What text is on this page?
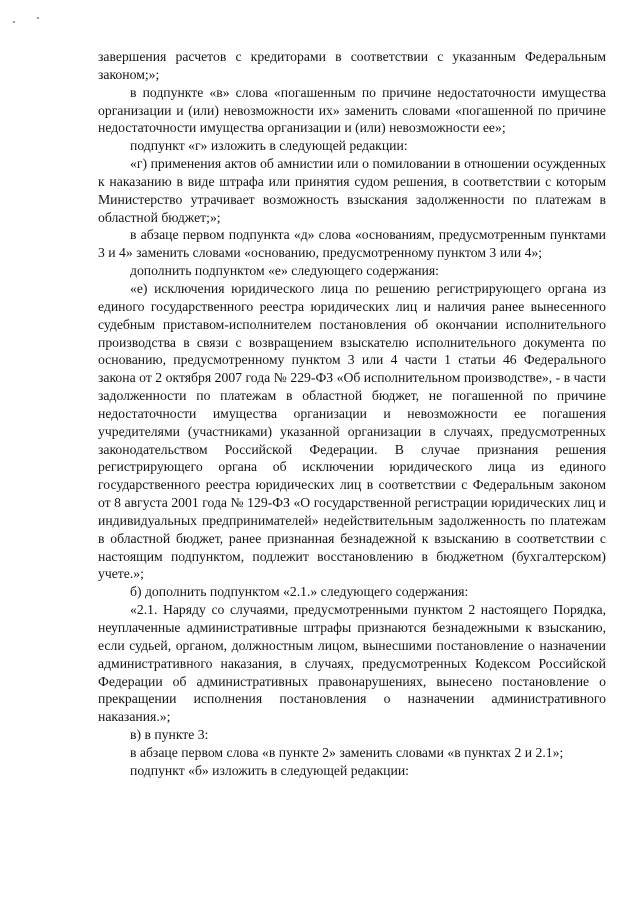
завершения расчетов с кредиторами в соответствии с указанным Федеральным законом;»;

в подпункте «в» слова «погашенным по причине недостаточности имущества организации и (или) невозможности их» заменить словами «погашенной по причине недостаточности имущества организации и (или) невозможности ее»;

подпункт «г» изложить в следующей редакции:

«г) применения актов об амнистии или о помиловании в отношении осужденных к наказанию в виде штрафа или принятия судом решения, в соответствии с которым Министерство утрачивает возможность взыскания задолженности по платежам в областной бюджет;»;

в абзаце первом подпункта «д» слова «основаниям, предусмотренным пунктами 3 и 4» заменить словами «основанию, предусмотренному пунктом 3 или 4»;

дополнить подпунктом «е» следующего содержания:

«е) исключения юридического лица по решению регистрирующего органа из единого государственного реестра юридических лиц и наличия ранее вынесенного судебным приставом-исполнителем постановления об окончании исполнительного производства в связи с возвращением взыскателю исполнительного документа по основанию, предусмотренному пунктом 3 или 4 части 1 статьи 46 Федерального закона от 2 октября 2007 года № 229-ФЗ «Об исполнительном производстве», - в части задолженности по платежам в областной бюджет, не погашенной по причине недостаточности имущества организации и невозможности ее погашения учредителями (участниками) указанной организации в случаях, предусмотренных законодательством Российской Федерации. В случае признания решения регистрирующего органа об исключении юридического лица из единого государственного реестра юридических лиц в соответствии с Федеральным законом от 8 августа 2001 года № 129-ФЗ «О государственной регистрации юридических лиц и индивидуальных предпринимателей» недействительным задолженность по платежам в областной бюджет, ранее признанная безнадежной к взысканию в соответствии с настоящим подпунктом, подлежит восстановлению в бюджетном (бухгалтерском) учете.»;

б) дополнить подпунктом «2.1.» следующего содержания:

«2.1. Наряду со случаями, предусмотренными пунктом 2 настоящего Порядка, неуплаченные административные штрафы признаются безнадежными к взысканию, если судьей, органом, должностным лицом, вынесшими постановление о назначении административного наказания, в случаях, предусмотренных Кодексом Российской Федерации об административных правонарушениях, вынесено постановление о прекращении исполнения постановления о назначении административного наказания.»;

в) в пункте 3:

в абзаце первом слова «в пункте 2» заменить словами «в пунктах 2 и 2.1»;

подпункт «б» изложить в следующей редакции:
